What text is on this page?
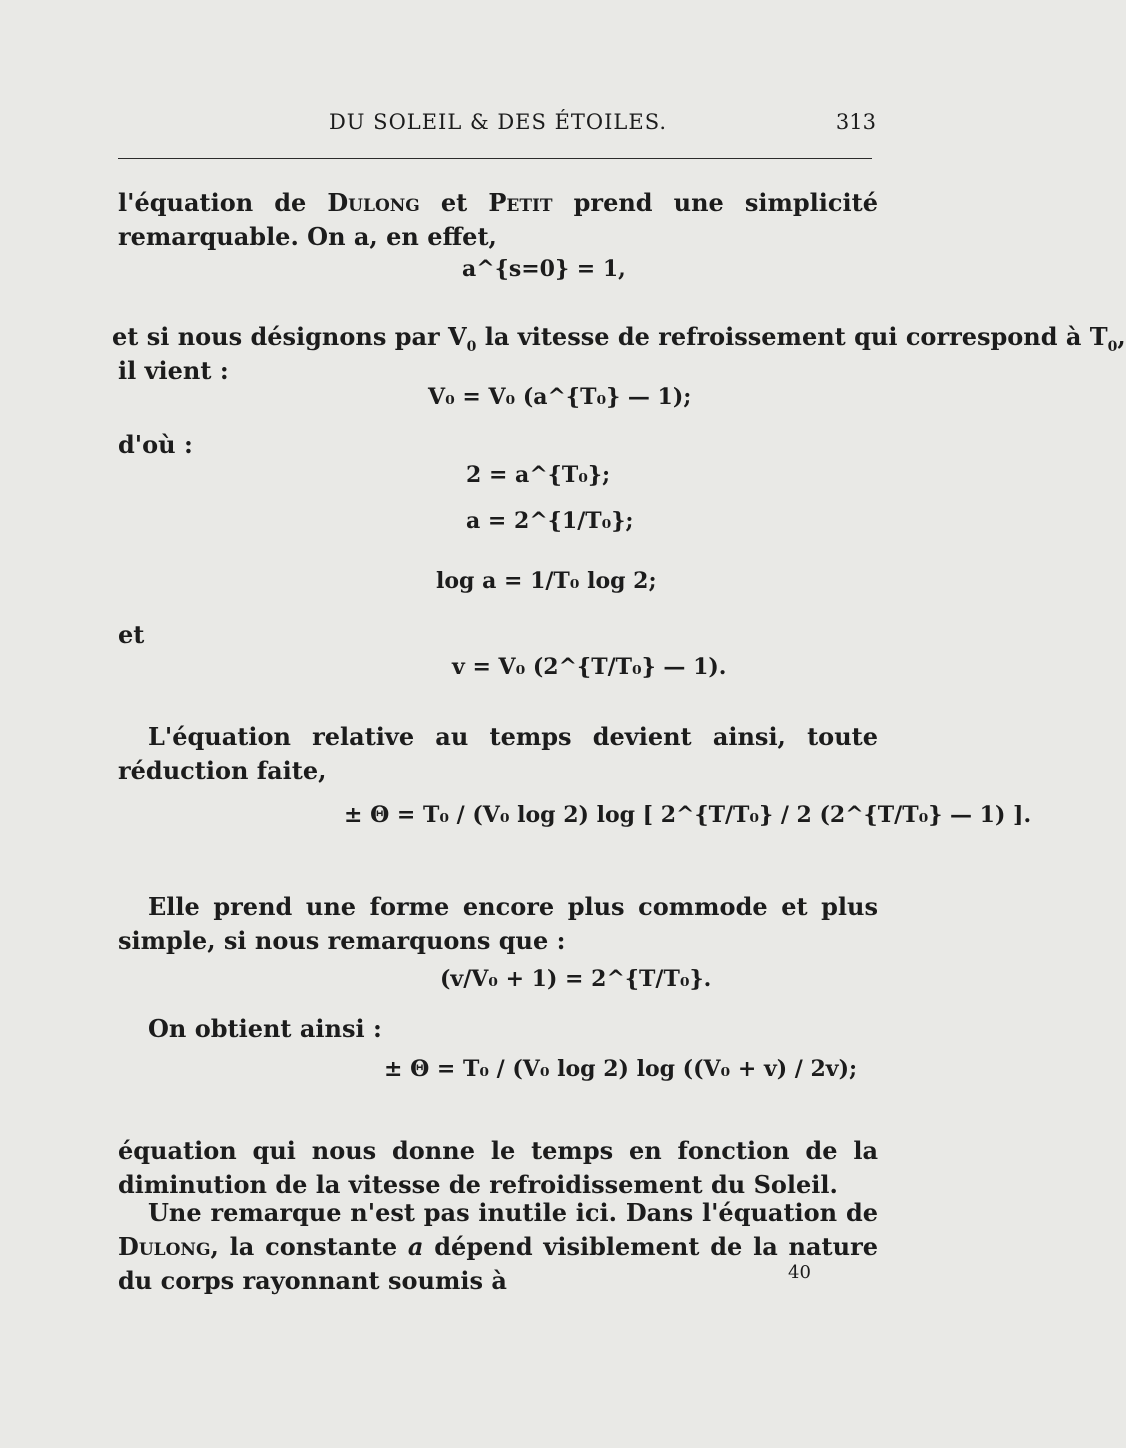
DU SOLEIL & DES ÉTOILES.	313
l'équation de Dulong et Petit prend une simplicité remarquable. On a, en effet,
a^{s=0} = 1,
et si nous désignons par $V_0$ la vitesse de refroissement qui correspond à $T_0$,
il vient :
V₀ = V₀ (a^{T₀} — 1);
d'où :
2 = a^{T₀};
a = 2^{1/T₀};
log a = 1/T₀ log 2;
et
v = V₀ (2^{T/T₀} — 1).
L'équation relative au temps devient ainsi, toute réduction faite,
± Θ = T₀ / (V₀ log 2) log [ 2^{T/T₀} / 2 (2^{T/T₀} — 1) ].
Elle prend une forme encore plus commode et plus simple, si nous remarquons que :
(v/V₀ + 1) = 2^{T/T₀}.
On obtient ainsi :
± Θ = T₀ / (V₀ log 2) log ((V₀ + v) / 2v);
équation qui nous donne le temps en fonction de la diminution de la vitesse de refroidissement du Soleil.
Une remarque n'est pas inutile ici. Dans l'équation de Dulong, la constante a dépend visiblement de la nature du corps rayonnant soumis à	40
